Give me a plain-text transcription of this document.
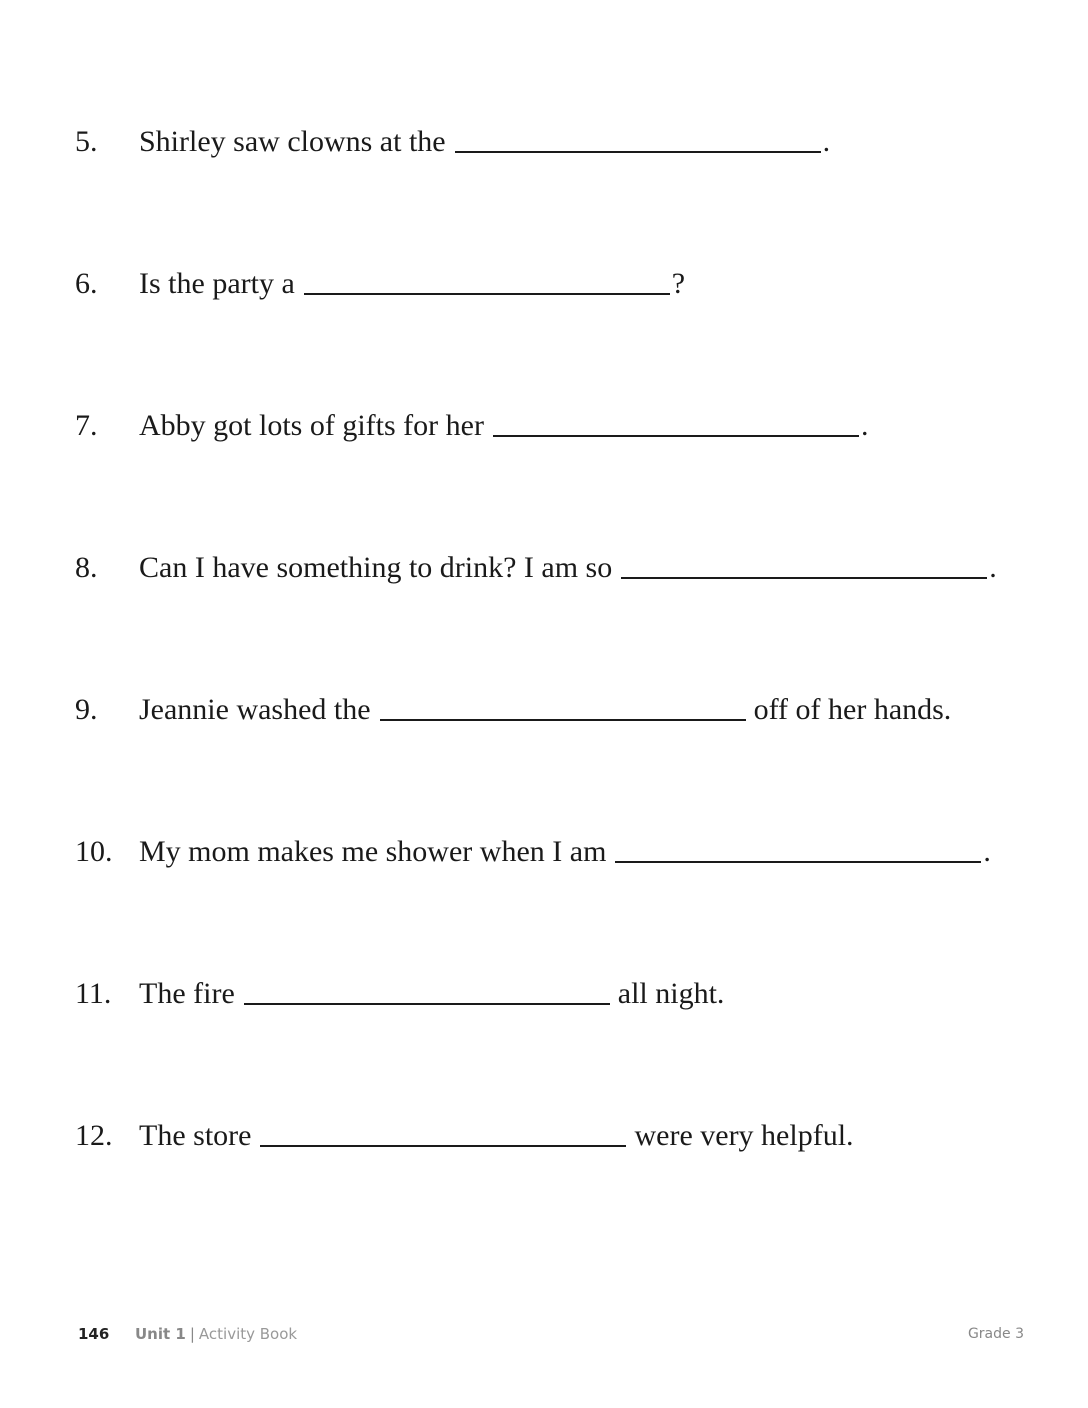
5. Shirley saw clowns at the	.
6. Is the party a	?
7. Abby got lots of gifts for her	.
8. Can I have something to drink? I am so	.
9. Jeannie washed the	off of her hands.
10. My mom makes me shower when I am	.
11. The fire	all night.
12. The store	were very helpful.
146 Unit 1 | Activity Book	Grade 3
